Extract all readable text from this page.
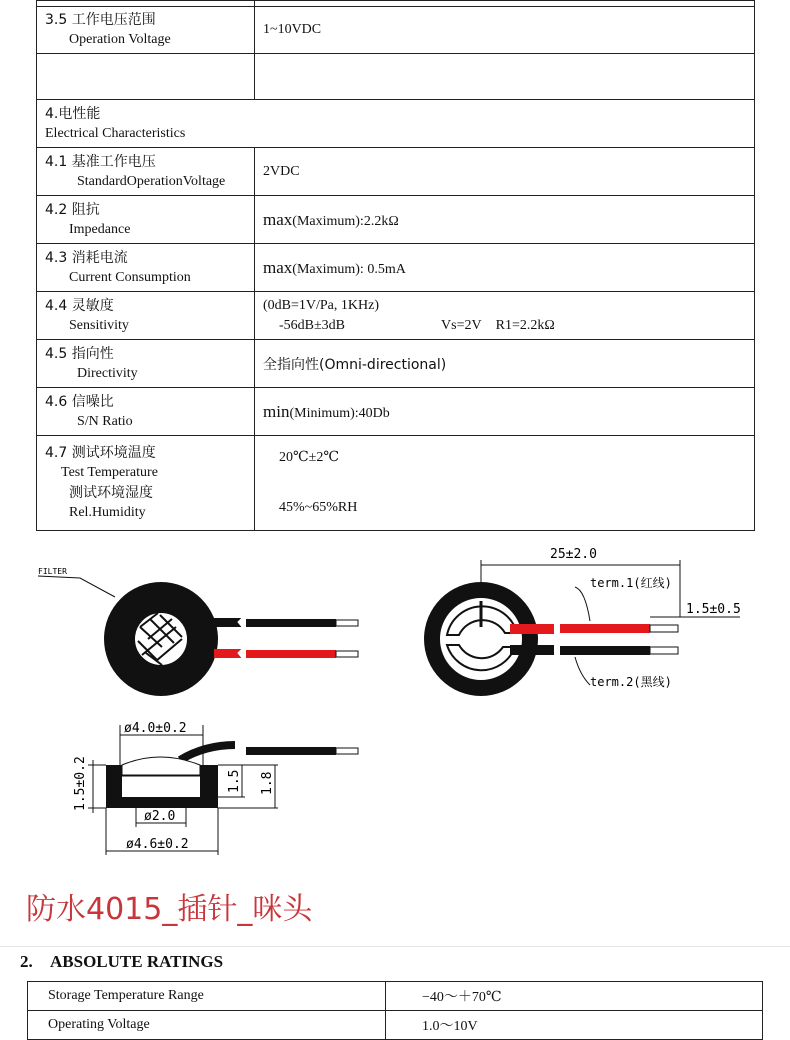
3.5 工作电压范围
Operation Voltage	1~10VDC

4.电性能
Electrical Characteristics	

4.1 基准工作电压
StandardOperationVoltage	2VDC

4.2 阻抗
Impedance	max(Maximum):2.2kΩ

4.3 消耗电流
Current Consumption	max(Maximum): 0.5mA

4.4 灵敏度
Sensitivity	(0dB=1V/Pa, 1KHz)
-56dB±3dB Vs=2V R1=2.2kΩ

4.5 指向性
Directivity	全指向性(Omni-directional)

4.6 信噪比
S/N Ratio	min(Minimum):40Db

4.7 测试环境温度
Test Temperature
测试环境湿度
Rel.Humidity	20℃±2℃
45%~65%RH
FILTER
25±2.0
term.1(红线)
term.2(黑线)
1.5±0.5
ø4.0±0.2
1.5±0.2	1.5 1.8
ø2.0
ø4.6±0.2
防水4015_插针_咪头
2. ABSOLUTE RATINGS
Storage Temperature Range	−40～＋70℃
Operating Voltage	1.0～10V
